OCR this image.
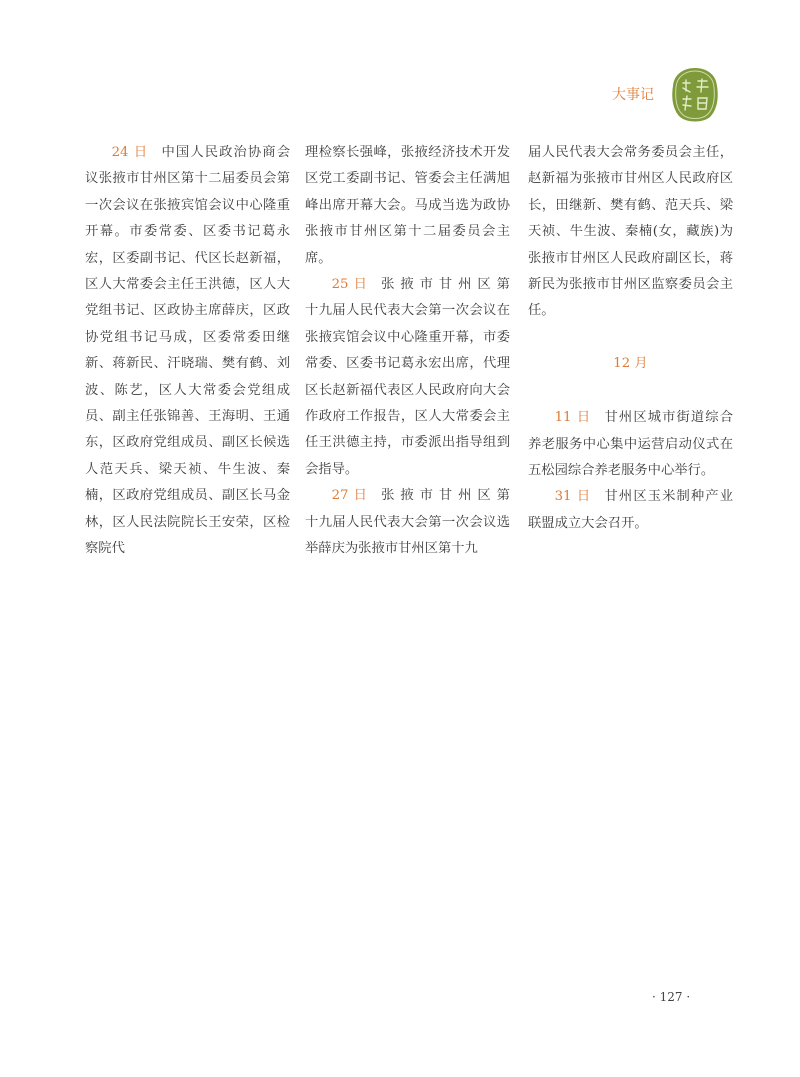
大事记

24 日 中国人民政治协商会议张掖市甘州区第十二届委员会第一次会议在张掖宾馆会议中心隆重开幕。市委常委、区委书记葛永宏，区委副书记、代区长赵新福，区人大常委会主任王洪德，区人大党组书记、区政协主席薛庆，区政协党组书记马成，区委常委田继新、蒋新民、汗晓瑞、樊有鹤、刘波、陈艺，区人大常委会党组成员、副主任张锦善、王海明、王通东，区政府党组成员、副区长候选人范天兵、梁天祯、牛生波、秦楠，区政府党组成员、副区长马金林，区人民法院院长王安荣，区检察院代

理检察长强峰，张掖经济技术开发区党工委副书记、管委会主任满旭峰出席开幕大会。马成当选为政协张掖市甘州区第十二届委员会主席。

25 日 张 掖 市 甘 州 区 第十九届人民代表大会第一次会议在张掖宾馆会议中心隆重开幕，市委常委、区委书记葛永宏出席，代理区长赵新福代表区人民政府向大会作政府工作报告，区人大常委会主任王洪德主持，市委派出指导组到会指导。

27 日 张 掖 市 甘 州 区 第十九届人民代表大会第一次会议选举薛庆为张掖市甘州区第十九

届人民代表大会常务委员会主任，赵新福为张掖市甘州区人民政府区长，田继新、樊有鹤、范天兵、梁天祯、牛生波、秦楠(女，藏族)为张掖市甘州区人民政府副区长，蒋新民为张掖市甘州区监察委员会主任。

12 月

11 日 甘州区城市街道综合养老服务中心集中运营启动仪式在五松园综合养老服务中心举行。

31 日 甘州区玉米制种产业联盟成立大会召开。

· 127 ·
